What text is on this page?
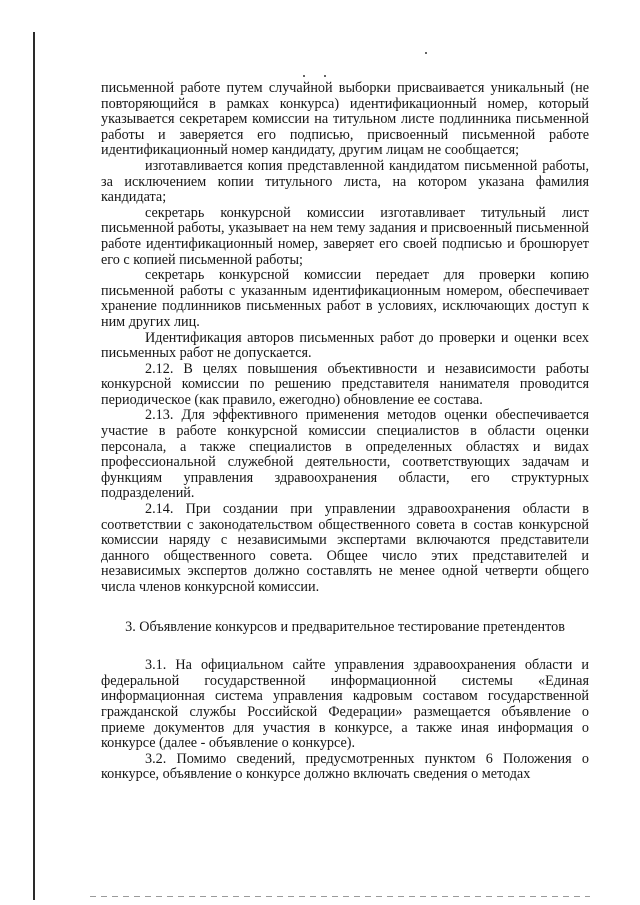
письменной работе путем случайной выборки присваивается уникальный (не повторяющийся в рамках конкурса) идентификационный номер, который указывается секретарем комиссии на титульном листе подлинника письменной работы и заверяется его подписью, присвоенный письменной работе идентификационный номер кандидату, другим лицам не сообщается;

изготавливается копия представленной кандидатом письменной работы, за исключением копии титульного листа, на котором указана фамилия кандидата;

секретарь конкурсной комиссии изготавливает титульный лист письменной работы, указывает на нем тему задания и присвоенный письменной работе идентификационный номер, заверяет его своей подписью и брошюрует его с копией письменной работы;

секретарь конкурсной комиссии передает для проверки копию письменной работы с указанным идентификационным номером, обеспечивает хранение подлинников письменных работ в условиях, исключающих доступ к ним других лиц.

Идентификация авторов письменных работ до проверки и оценки всех письменных работ не допускается.

2.12. В целях повышения объективности и независимости работы конкурсной комиссии по решению представителя нанимателя проводится периодическое (как правило, ежегодно) обновление ее состава.

2.13. Для эффективного применения методов оценки обеспечивается участие в работе конкурсной комиссии специалистов в области оценки персонала, а также специалистов в определенных областях и видах профессиональной служебной деятельности, соответствующих задачам и функциям управления здравоохранения области, его структурных подразделений.

2.14. При создании при управлении здравоохранения области в соответствии с законодательством общественного совета в состав конкурсной комиссии наряду с независимыми экспертами включаются представители данного общественного совета. Общее число этих представителей и независимых экспертов должно составлять не менее одной четверти общего числа членов конкурсной комиссии.

3. Объявление конкурсов и предварительное тестирование претендентов

3.1. На официальном сайте управления здравоохранения области и федеральной государственной информационной системы «Единая информационная система управления кадровым составом государственной гражданской службы Российской Федерации» размещается объявление о приеме документов для участия в конкурсе, а также иная информация о конкурсе (далее - объявление о конкурсе).

3.2. Помимо сведений, предусмотренных пунктом 6 Положения о конкурсе, объявление о конкурсе должно включать сведения о методах
